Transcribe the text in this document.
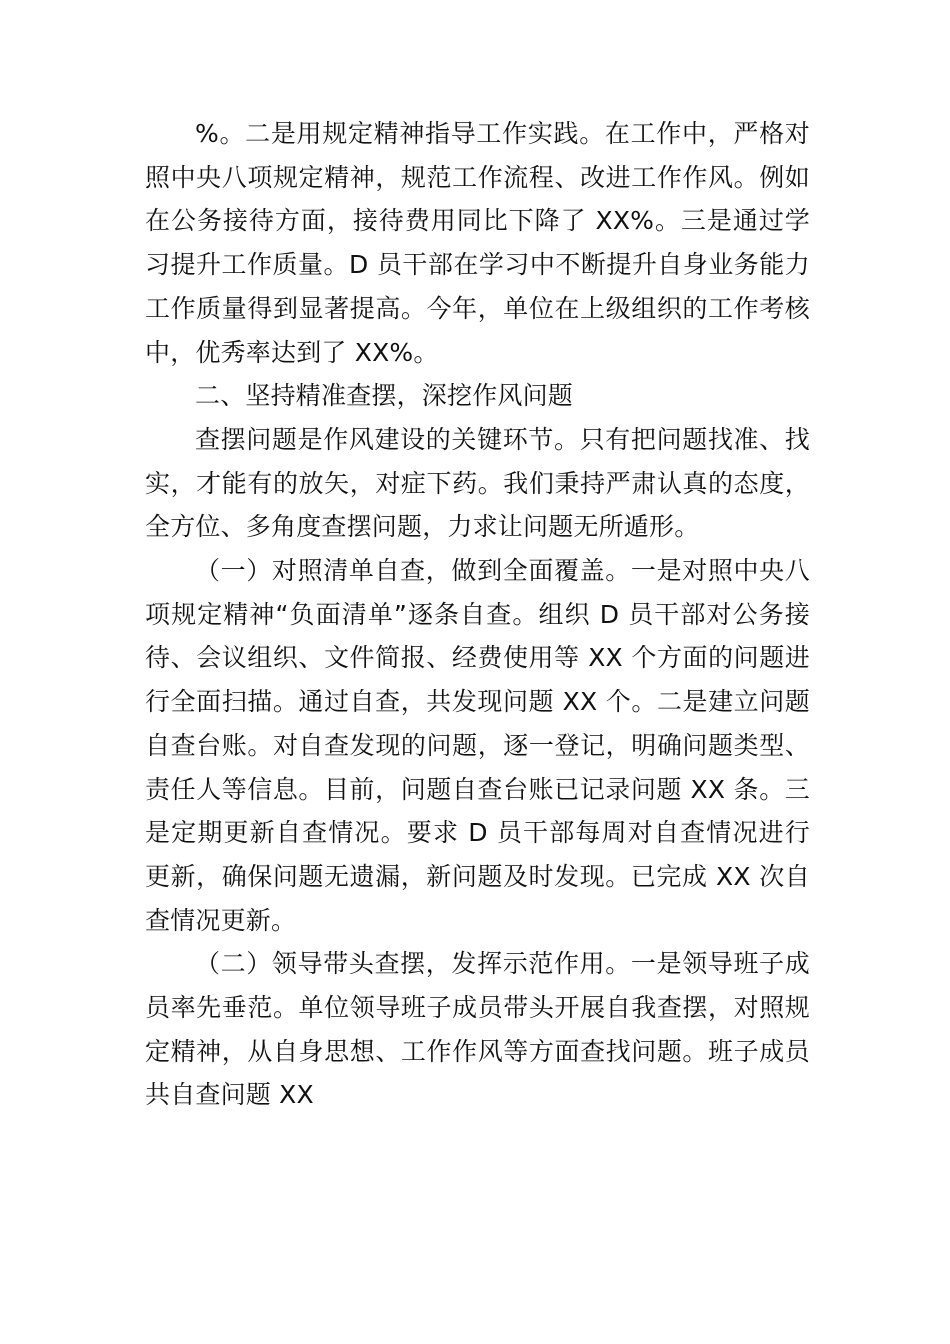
%。二是用规定精神指导工作实践。在工作中，严格对照中央八项规定精神，规范工作流程、改进工作作风。例如在公务接待方面，接待费用同比下降了 XX%。三是通过学习提升工作质量。D 员干部在学习中不断提升自身业务能力工作质量得到显著提高。今年，单位在上级组织的工作考核中，优秀率达到了 XX%。

二、坚持精准查摆，深挖作风问题

查摆问题是作风建设的关键环节。只有把问题找准、找实，才能有的放矢，对症下药。我们秉持严肃认真的态度，全方位、多角度查摆问题，力求让问题无所遁形。

（一）对照清单自查，做到全面覆盖。一是对照中央八项规定精神“负面清单”逐条自查。组织 D 员干部对公务接待、会议组织、文件简报、经费使用等 XX 个方面的问题进行全面扫描。通过自查，共发现问题 XX 个。二是建立问题自查台账。对自查发现的问题，逐一登记，明确问题类型、责任人等信息。目前，问题自查台账已记录问题 XX 条。三是定期更新自查情况。要求 D 员干部每周对自查情况进行更新，确保问题无遗漏，新问题及时发现。已完成 XX 次自查情况更新。

（二）领导带头查摆，发挥示范作用。一是领导班子成员率先垂范。单位领导班子成员带头开展自我查摆，对照规定精神，从自身思想、工作作风等方面查找问题。班子成员共自查问题 XX
